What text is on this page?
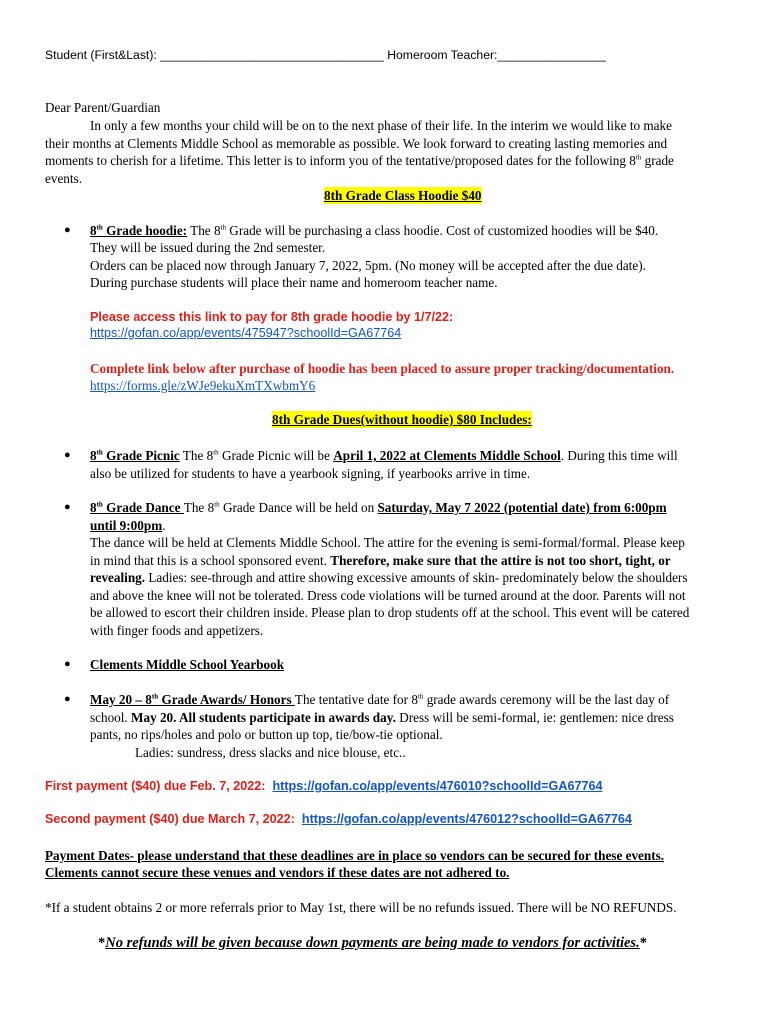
Student (First&Last): _________________________________ Homeroom Teacher:________________
Dear Parent/Guardian
In only a few months your child will be on to the next phase of their life. In the interim we would like to make
their months at Clements Middle School as memorable as possible. We look forward to creating lasting memories and
moments to cherish for a lifetime. This letter is to inform you of the tentative/proposed dates for the following 8th grade
events.
8th Grade Class Hoodie $40
● 8th Grade hoodie: The 8th Grade will be purchasing a class hoodie. Cost of customized hoodies will be $40.
They will be issued during the 2nd semester.
Orders can be placed now through January 7, 2022, 5pm. (No money will be accepted after the due date).
During purchase students will place their name and homeroom teacher name.
Please access this link to pay for 8th grade hoodie by 1/7/22:
https://gofan.co/app/events/475947?schoolId=GA67764
Complete link below after purchase of hoodie has been placed to assure proper tracking/documentation.
https://forms.gle/zWJe9ekuXmTXwbmY6
8th Grade Dues(without hoodie) $80 Includes:
● 8th Grade Picnic The 8th Grade Picnic will be April 1, 2022 at Clements Middle School. During this time will
also be utilized for students to have a yearbook signing, if yearbooks arrive in time.
● 8th Grade Dance The 8th Grade Dance will be held on Saturday, May 7 2022 (potential date) from 6:00pm
until 9:00pm.
The dance will be held at Clements Middle School. The attire for the evening is semi-formal/formal. Please keep
in mind that this is a school sponsored event. Therefore, make sure that the attire is not too short, tight, or
revealing. Ladies: see-through and attire showing excessive amounts of skin- predominately below the shoulders
and above the knee will not be tolerated. Dress code violations will be turned around at the door. Parents will not
be allowed to escort their children inside. Please plan to drop students off at the school. This event will be catered
with finger foods and appetizers.
● Clements Middle School Yearbook
● May 20 – 8th Grade Awards/ Honors The tentative date for 8th grade awards ceremony will be the last day of
school. May 20. All students participate in awards day. Dress will be semi-formal, ie: gentlemen: nice dress
pants, no rips/holes and polo or button up top, tie/bow-tie optional.
Ladies: sundress, dress slacks and nice blouse, etc..
First payment ($40) due Feb. 7, 2022: https://gofan.co/app/events/476010?schoolId=GA67764
Second payment ($40) due March 7, 2022: https://gofan.co/app/events/476012?schoolId=GA67764
Payment Dates- please understand that these deadlines are in place so vendors can be secured for these events.
Clements cannot secure these venues and vendors if these dates are not adhered to.
*If a student obtains 2 or more referrals prior to May 1st, there will be no refunds issued. There will be NO REFUNDS.
*No refunds will be given because down payments are being made to vendors for activities.*
